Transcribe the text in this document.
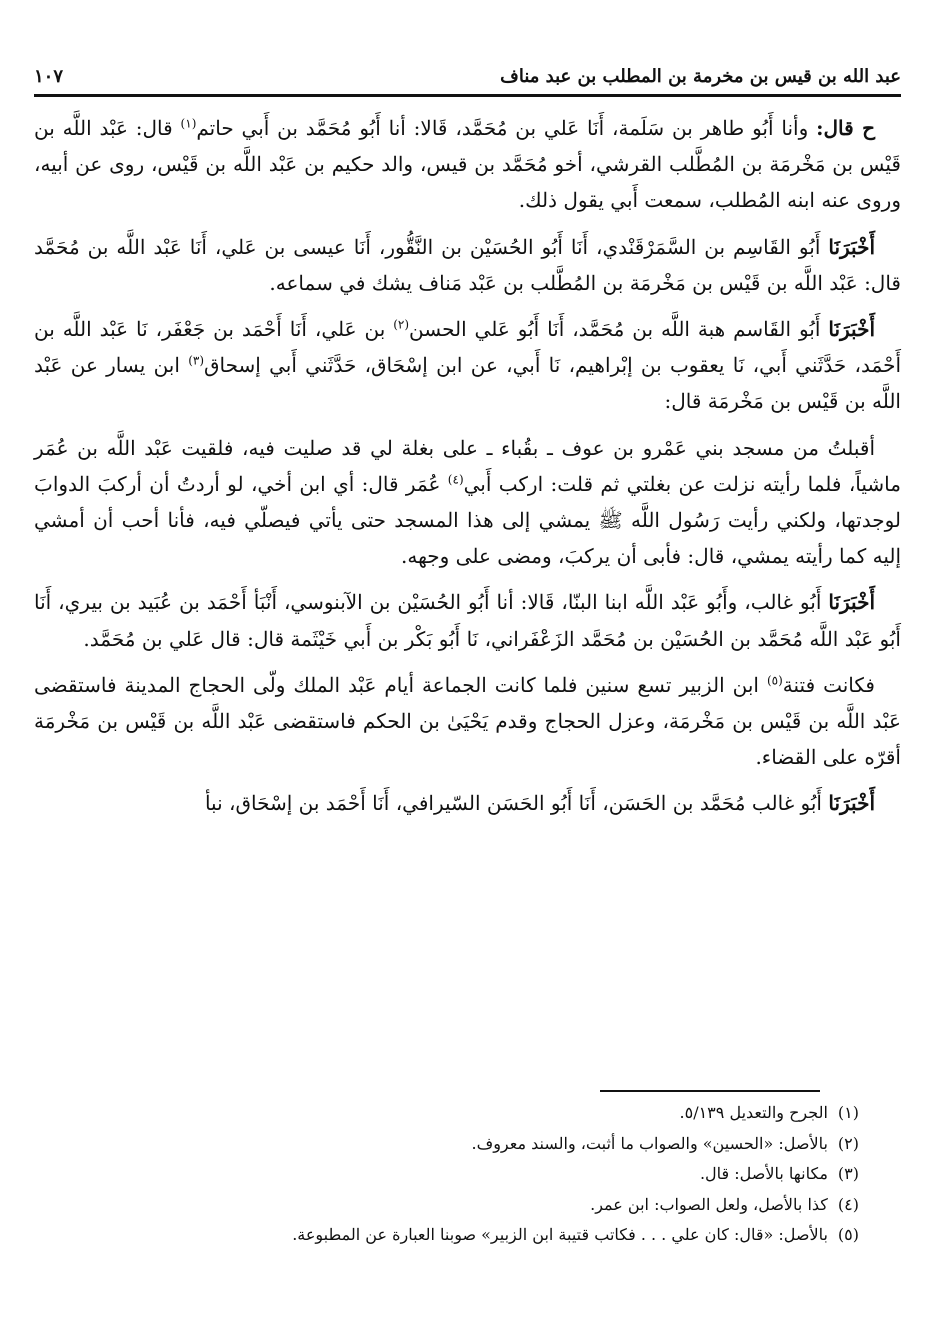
عبد الله بن قيس بن مخرمة بن المطلب بن عبد مناف
١٠٧

ح قال: وأنا أَبُو طاهر بن سَلَمة، أَنَا عَلي بن مُحَمَّد، قَالا: أنا أَبُو مُحَمَّد بن أَبي حاتم$^{(١)}$ قال: عَبْد اللَّه بن قَيْس بن مَخْرمَة بن المُطَّلب القرشي، أخو مُحَمَّد بن قيس، والد حكيم بن عَبْد اللَّه بن قَيْس، روى عن أبيه، وروى عنه ابنه المُطلب، سمعت أَبي يقول ذلك.

أَخْبَرَنَا أَبُو القَاسِم بن السَّمَرْقَنْدي، أَنَا أَبُو الحُسَيْن بن النَّقُّور، أَنَا عيسى بن عَلي، أَنَا عَبْد اللَّه بن مُحَمَّد قال: عَبْد اللَّه بن قَيْس بن مَخْرمَة بن المُطَّلب بن عَبْد مَناف يشك في سماعه.

أَخْبَرَنَا أَبُو القَاسم هبة اللَّه بن مُحَمَّد، أَنَا أَبُو عَلي الحسن$^{(٢)}$ بن عَلي، أَنَا أَحْمَد بن جَعْفَر، نَا عَبْد اللَّه بن أَحْمَد، حَدَّثَني أَبي، نَا يعقوب بن إبْراهيم، نَا أَبي، عن ابن إسْحَاق، حَدَّثَني أَبي إسحاق$^{(٣)}$ ابن يسار عن عَبْد اللَّه بن قَيْس بن مَخْرمَة قال:

أقبلتُ من مسجد بني عَمْرو بن عوف ـ بقُباء ـ على بغلة لي قد صليت فيه، فلقيت عَبْد اللَّه بن عُمَر ماشياً، فلما رأيته نزلت عن بغلتي ثم قلت: اركب أَبي$^{(٤)}$ عُمَر قال: أي ابن أخي، لو أردتُ أن أركبَ الدوابَ لوجدتها، ولكني رأيت رَسُول اللَّه ﷺ يمشي إلى هذا المسجد حتى يأتي فيصلّي فيه، فأنا أحب أن أمشي إليه كما رأيته يمشي، قال: فأبى أن يركبَ، ومضى على وجهه.

أَخْبَرَنَا أَبُو غالب، وأَبُو عَبْد اللَّه ابنا البنّا، قَالا: أنا أَبُو الحُسَيْن بن الآبنوسي، أَنْبَأ أَحْمَد بن عُبَيد بن بيري، أَنَا أَبُو عَبْد اللَّه مُحَمَّد بن الحُسَيْن بن مُحَمَّد الزَعْفَراني، نَا أَبُو بَكْر بن أَبي خَيْثَمة قال: قال عَلي بن مُحَمَّد.

فكانت فتنة$^{(٥)}$ ابن الزبير تسع سنين فلما كانت الجماعة أيام عَبْد الملك ولّى الحجاج المدينة فاستقضى عَبْد اللَّه بن قَيْس بن مَخْرمَة، وعزل الحجاج وقدم يَحْيَىٰ بن الحكم فاستقضى عَبْد اللَّه بن قَيْس بن مَخْرمَة أقرّه على القضاء.

أَخْبَرَنَا أَبُو غالب مُحَمَّد بن الحَسَن، أَنَا أَبُو الحَسَن السّيرافي، أَنَا أَحْمَد بن إسْحَاق، نبأ

(١)
الجرح والتعديل ٥/١٣٩.
(٢)
بالأصل: «الحسين» والصواب ما أثبت، والسند معروف.
(٣)
مكانها بالأصل: قال.
(٤)
كذا بالأصل، ولعل الصواب: ابن عمر.
(٥)
بالأصل: «قال: كان علي . . . فكاتب قتيبة ابن الزبير» صوبنا العبارة عن المطبوعة.
